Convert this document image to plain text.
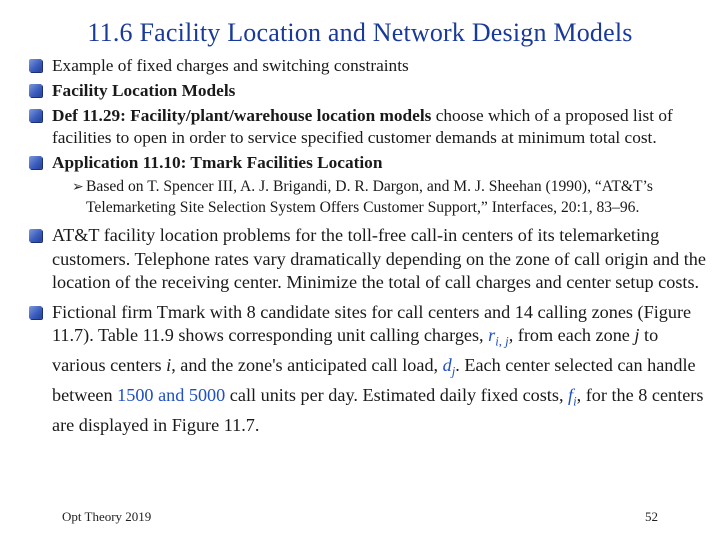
11.6 Facility Location and Network Design Models
Example of fixed charges and switching constraints
Facility Location Models
Def 11.29: Facility/plant/warehouse location models choose which of a proposed list of facilities to open in order to service specified customer demands at minimum total cost.
Application 11.10: Tmark Facilities Location
➢ Based on T. Spencer III, A. J. Brigandi, D. R. Dargon, and M. J. Sheehan (1990), “AT&T’s Telemarketing Site Selection System Offers Customer Support,” Interfaces, 20:1, 83–96.
AT&T facility location problems for the toll-free call-in centers of its telemarketing customers. Telephone rates vary dramatically depending on the zone of call origin and the location of the receiving center. Minimize the total of call charges and center setup costs.
Fictional firm Tmark with 8 candidate sites for call centers and 14 calling zones (Figure 11.7). Table 11.9 shows corresponding unit calling charges, $r_{i, j}$, from each zone j to various centers i, and the zone's anticipated call load, $d_j$. Each center selected can handle between 1500 and 5000 call units per day. Estimated daily fixed costs, $f_i$, for the 8 centers are displayed in Figure 11.7.
Opt Theory 2019	52
